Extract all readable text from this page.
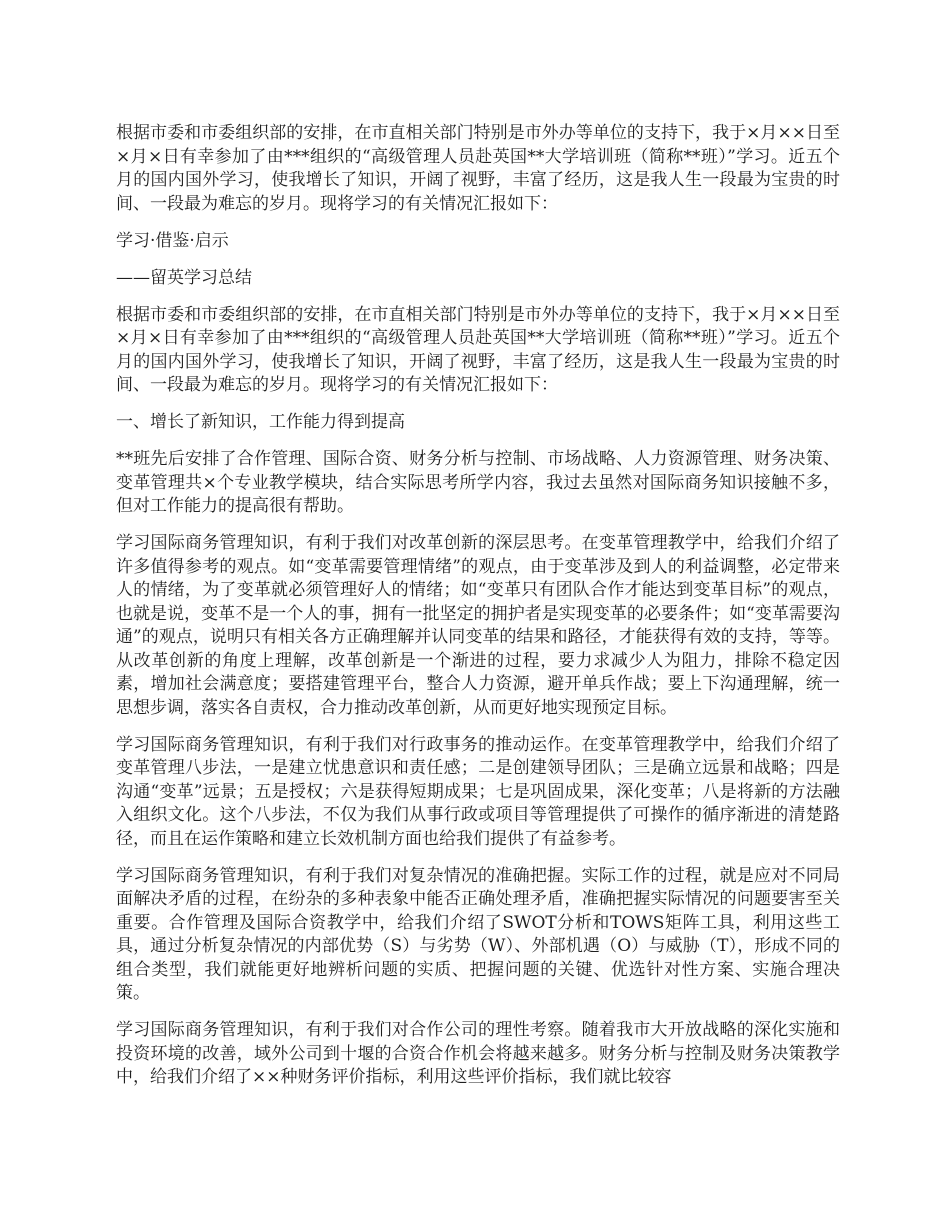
根据市委和市委组织部的安排，在市直相关部门特别是市外办等单位的支持下，我于×月××日至×月×日有幸参加了由***组织的“高级管理人员赴英国**大学培训班（简称**班）”学习。近五个月的国内国外学习，使我增长了知识，开阔了视野，丰富了经历，这是我人生一段最为宝贵的时间、一段最为难忘的岁月。现将学习的有关情况汇报如下：

学习·借鉴·启示

——留英学习总结

根据市委和市委组织部的安排，在市直相关部门特别是市外办等单位的支持下，我于×月××日至×月×日有幸参加了由***组织的“高级管理人员赴英国**大学培训班（简称**班）”学习。近五个月的国内国外学习，使我增长了知识，开阔了视野，丰富了经历，这是我人生一段最为宝贵的时间、一段最为难忘的岁月。现将学习的有关情况汇报如下：

一、增长了新知识，工作能力得到提高

**班先后安排了合作管理、国际合资、财务分析与控制、市场战略、人力资源管理、财务决策、变革管理共×个专业教学模块，结合实际思考所学内容，我过去虽然对国际商务知识接触不多，但对工作能力的提高很有帮助。

学习国际商务管理知识，有利于我们对改革创新的深层思考。在变革管理教学中，给我们介绍了许多值得参考的观点。如“变革需要管理情绪”的观点，由于变革涉及到人的利益调整，必定带来人的情绪，为了变革就必须管理好人的情绪；如“变革只有团队合作才能达到变革目标”的观点，也就是说，变革不是一个人的事，拥有一批坚定的拥护者是实现变革的必要条件；如“变革需要沟通”的观点，说明只有相关各方正确理解并认同变革的结果和路径，才能获得有效的支持，等等。从改革创新的角度上理解，改革创新是一个渐进的过程，要力求减少人为阻力，排除不稳定因素，增加社会满意度；要搭建管理平台，整合人力资源，避开单兵作战；要上下沟通理解，统一思想步调，落实各自责权，合力推动改革创新，从而更好地实现预定目标。

学习国际商务管理知识，有利于我们对行政事务的推动运作。在变革管理教学中，给我们介绍了变革管理八步法，一是建立忧患意识和责任感；二是创建领导团队；三是确立远景和战略；四是沟通“变革”远景；五是授权；六是获得短期成果；七是巩固成果，深化变革；八是将新的方法融入组织文化。这个八步法，不仅为我们从事行政或项目等管理提供了可操作的循序渐进的清楚路径，而且在运作策略和建立长效机制方面也给我们提供了有益参考。

学习国际商务管理知识，有利于我们对复杂情况的准确把握。实际工作的过程，就是应对不同局面解决矛盾的过程，在纷杂的多种表象中能否正确处理矛盾，准确把握实际情况的问题要害至关重要。合作管理及国际合资教学中，给我们介绍了SWOT分析和TOWS矩阵工具，利用这些工具，通过分析复杂情况的内部优势（S）与劣势（W）、外部机遇（O）与威胁（T），形成不同的组合类型，我们就能更好地辨析问题的实质、把握问题的关键、优选针对性方案、实施合理决策。

学习国际商务管理知识，有利于我们对合作公司的理性考察。随着我市大开放战略的深化实施和投资环境的改善，域外公司到十堰的合资合作机会将越来越多。财务分析与控制及财务决策教学中，给我们介绍了××种财务评价指标，利用这些评价指标，我们就比较容
